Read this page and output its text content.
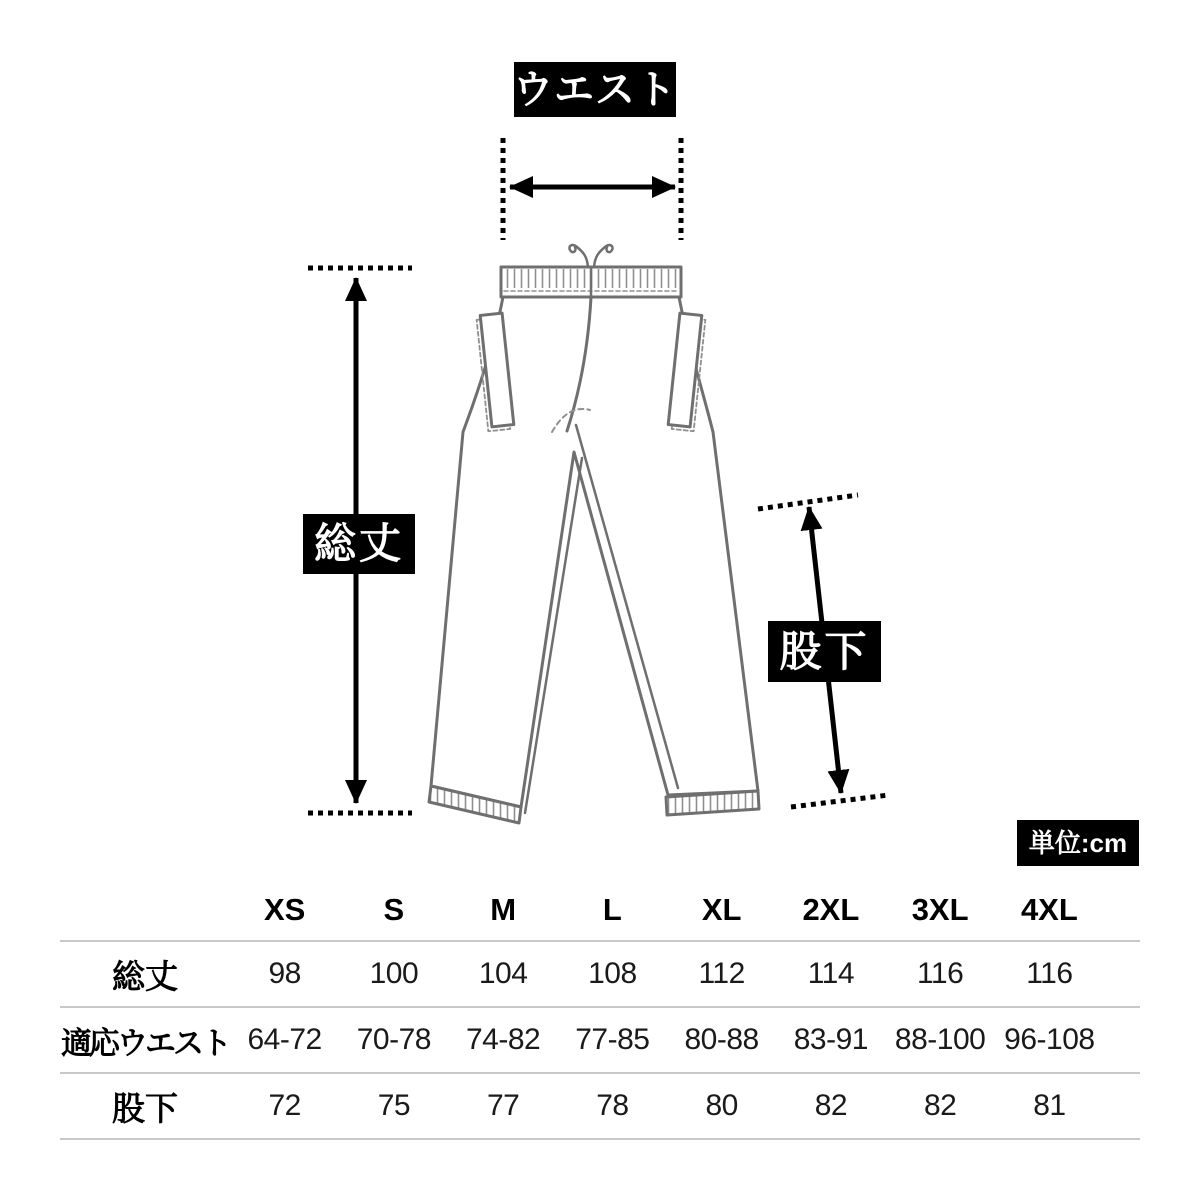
ウエスト
総丈
股下
単位:cm
XS	S	M	L	XL	2XL	3XL	4XL
総丈	98	100	104	108	112	114	116	116
適応ウエスト 64-72	70-78	74-82	77-85	80-88	83-91 88-100 96-108
股下	72	75	77	78	80	82	82	81
